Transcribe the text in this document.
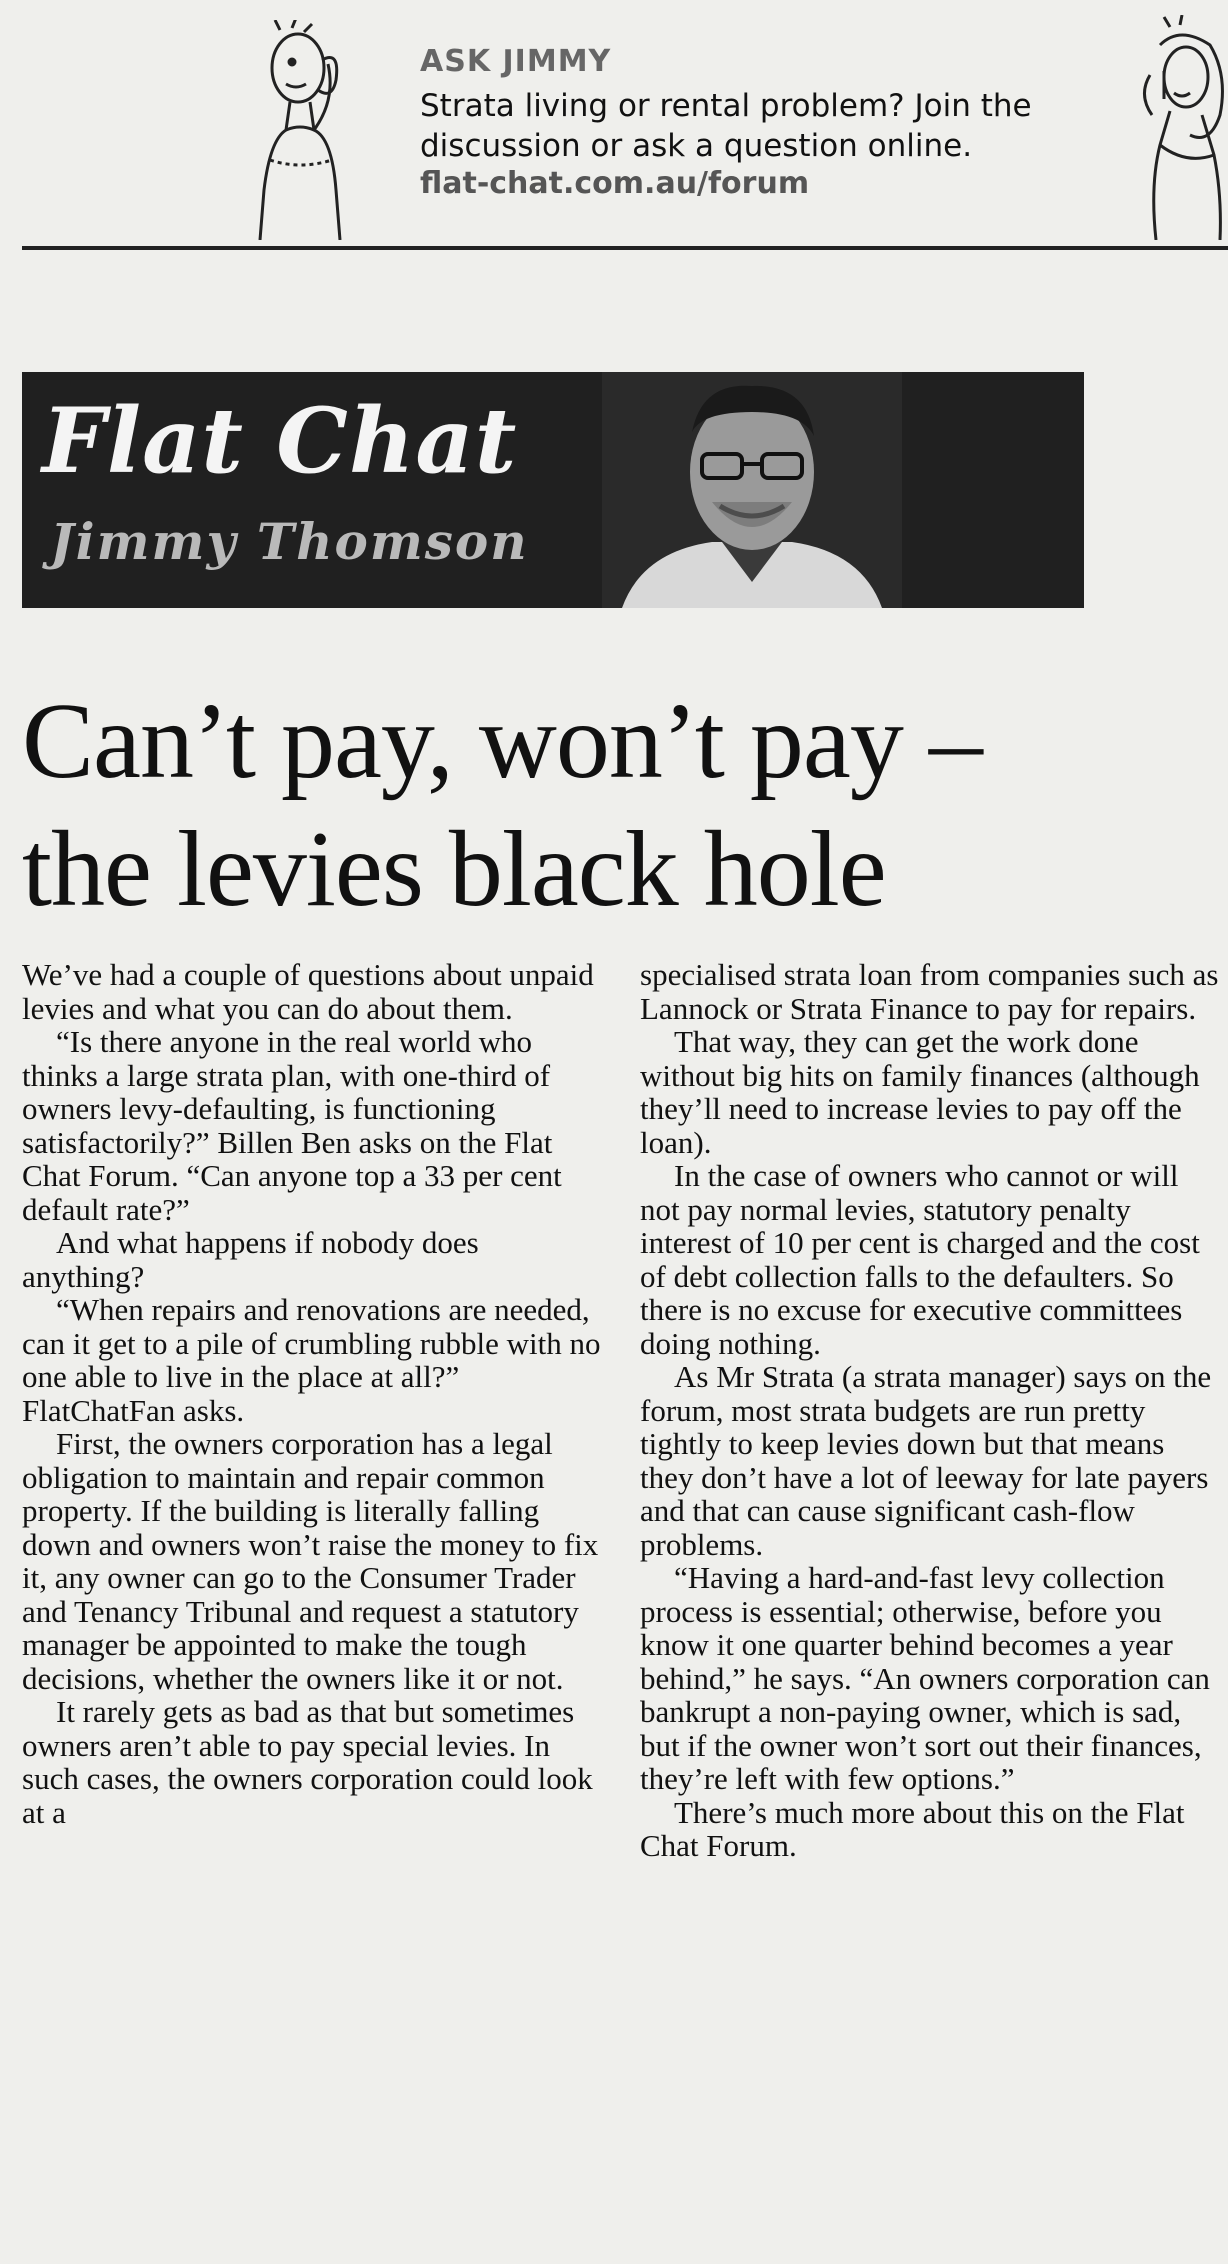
ASK JIMMY
Strata living or rental problem? Join the
discussion or ask a question online.
flat-chat.com.au/forum
Flat Chat
Jimmy Thomson
Can’t pay, won’t pay –
the levies black hole

We’ve had a couple of questions about unpaid levies and what you can do about them.

“Is there anyone in the real world who thinks a large strata plan, with one-third of owners levy-defaulting, is functioning satisfactorily?” Billen Ben asks on the Flat Chat Forum. “Can anyone top a 33 per cent default rate?”

And what happens if nobody does anything?

“When repairs and renovations are needed, can it get to a pile of crumbling rubble with no one able to live in the place at all?” FlatChatFan asks.

First, the owners corporation has a legal obligation to maintain and repair common property. If the building is literally falling down and owners won’t raise the money to fix it, any owner can go to the Consumer Trader and Tenancy Tribunal and request a statutory manager be appointed to make the tough decisions, whether the owners like it or not.

It rarely gets as bad as that but sometimes owners aren’t able to pay special levies. In such cases, the owners corporation could look at a

specialised strata loan from companies such as Lannock or Strata Finance to pay for repairs.

That way, they can get the work done without big hits on family finances (although they’ll need to increase levies to pay off the loan).

In the case of owners who cannot or will not pay normal levies, statutory penalty interest of 10 per cent is charged and the cost of debt collection falls to the defaulters. So there is no excuse for executive committees doing nothing.

As Mr Strata (a strata manager) says on the forum, most strata budgets are run pretty tightly to keep levies down but that means they don’t have a lot of leeway for late payers and that can cause significant cash-flow problems.

“Having a hard-and-fast levy collection process is essential; otherwise, before you know it one quarter behind becomes a year behind,” he says. “An owners corporation can bankrupt a non-paying owner, which is sad, but if the owner won’t sort out their finances, they’re left with few options.”

There’s much more about this on the Flat Chat Forum.
